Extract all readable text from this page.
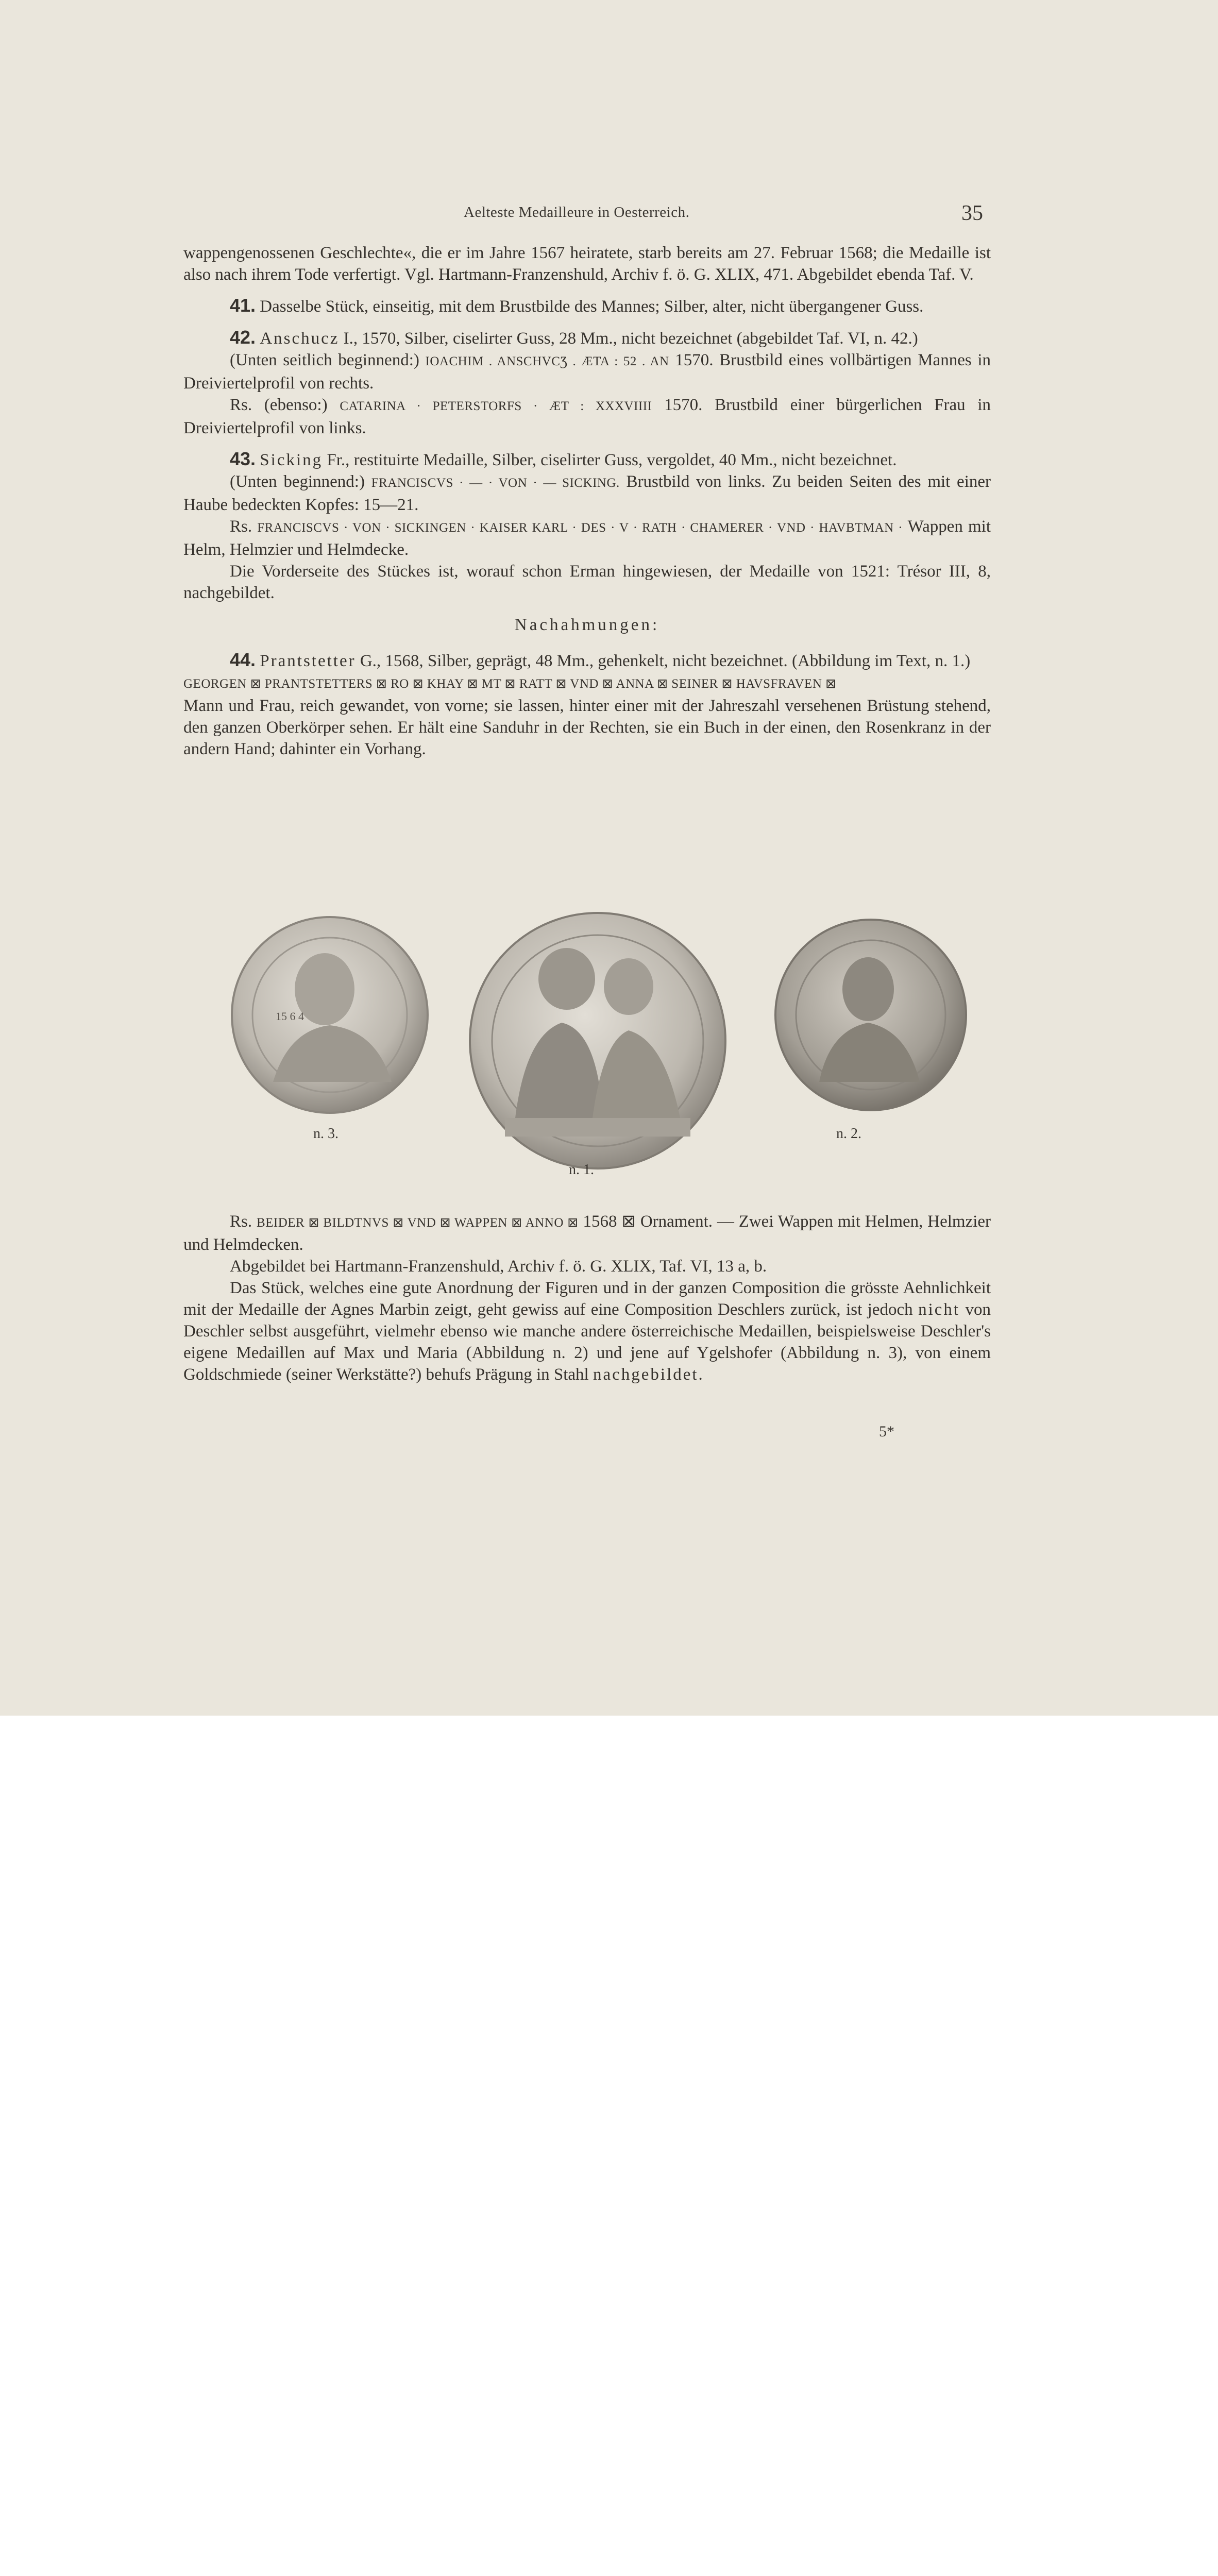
Aelteste Medailleure in Oesterreich.	35

wappengenossenen Geschlechte«, die er im Jahre 1567 heiratete, starb bereits am 27. Februar 1568; die Medaille ist also nach ihrem Tode verfertigt. Vgl. Hartmann-Franzenshuld, Archiv f. ö. G. XLIX, 471. Abgebildet ebenda Taf. V.

41. Dasselbe Stück, einseitig, mit dem Brustbilde des Mannes; Silber, alter, nicht übergangener Guss.

42. Anschucz I., 1570, Silber, ciselirter Guss, 28 Mm., nicht bezeichnet (abgebildet Taf. VI, n. 42.)

(Unten seitlich beginnend:) IOACHIM . ANSCHVCƷ . ÆTA : 52 . AN 1570. Brustbild eines vollbärtigen Mannes in Dreiviertelprofil von rechts.

Rs. (ebenso:) CATARINA · PETERSTORFS · ÆT : XXXVIIII 1570. Brustbild einer bürgerlichen Frau in Dreiviertelprofil von links.

43. Sicking Fr., restituirte Medaille, Silber, ciselirter Guss, vergoldet, 40 Mm., nicht bezeichnet.

(Unten beginnend:) FRANCISCVS · — · VON · — SICKING. Brustbild von links. Zu beiden Seiten des mit einer Haube bedeckten Kopfes: 15—21.

Rs. FRANCISCVS · VON · SICKINGEN · KAISER KARL · DES · V · RATH · CHAMERER · VND · HAVBTMAN · Wappen mit Helm, Helmzier und Helmdecke.

Die Vorderseite des Stückes ist, worauf schon Erman hingewiesen, der Medaille von 1521: Trésor III, 8, nachgebildet.

Nachahmungen:

44. Prantstetter G., 1568, Silber, geprägt, 48 Mm., gehenkelt, nicht bezeichnet. (Abbildung im Text, n. 1.)

GEORGEN ⊠ PRANTSTETTERS ⊠ RO ⊠ KHAY ⊠ MT ⊠ RATT ⊠ VND ⊠ ANNA ⊠ SEINER ⊠ HAVSFRAVEN ⊠

Mann und Frau, reich gewandet, von vorne; sie lassen, hinter einer mit der Jahreszahl versehenen Brüstung stehend, den ganzen Oberkörper sehen. Er hält eine Sanduhr in der Rechten, sie ein Buch in der einen, den Rosenkranz in der andern Hand; dahinter ein Vorhang.

15 6 4
n. 3.	n. 2.
n. 1.

Rs. BEIDER ⊠ BILDTNVS ⊠ VND ⊠ WAPPEN ⊠ ANNO ⊠ 1568 ⊠ Ornament. — Zwei Wappen mit Helmen, Helmzier und Helmdecken.

Abgebildet bei Hartmann-Franzenshuld, Archiv f. ö. G. XLIX, Taf. VI, 13 a, b.

Das Stück, welches eine gute Anordnung der Figuren und in der ganzen Composition die grösste Aehnlichkeit mit der Medaille der Agnes Marbin zeigt, geht gewiss auf eine Composition Deschlers zurück, ist jedoch nicht von Deschler selbst ausgeführt, vielmehr ebenso wie manche andere österreichische Medaillen, beispielsweise Deschler's eigene Medaillen auf Max und Maria (Abbildung n. 2) und jene auf Ygelshofer (Abbildung n. 3), von einem Goldschmiede (seiner Werkstätte?) behufs Prägung in Stahl nachgebildet.

5*
